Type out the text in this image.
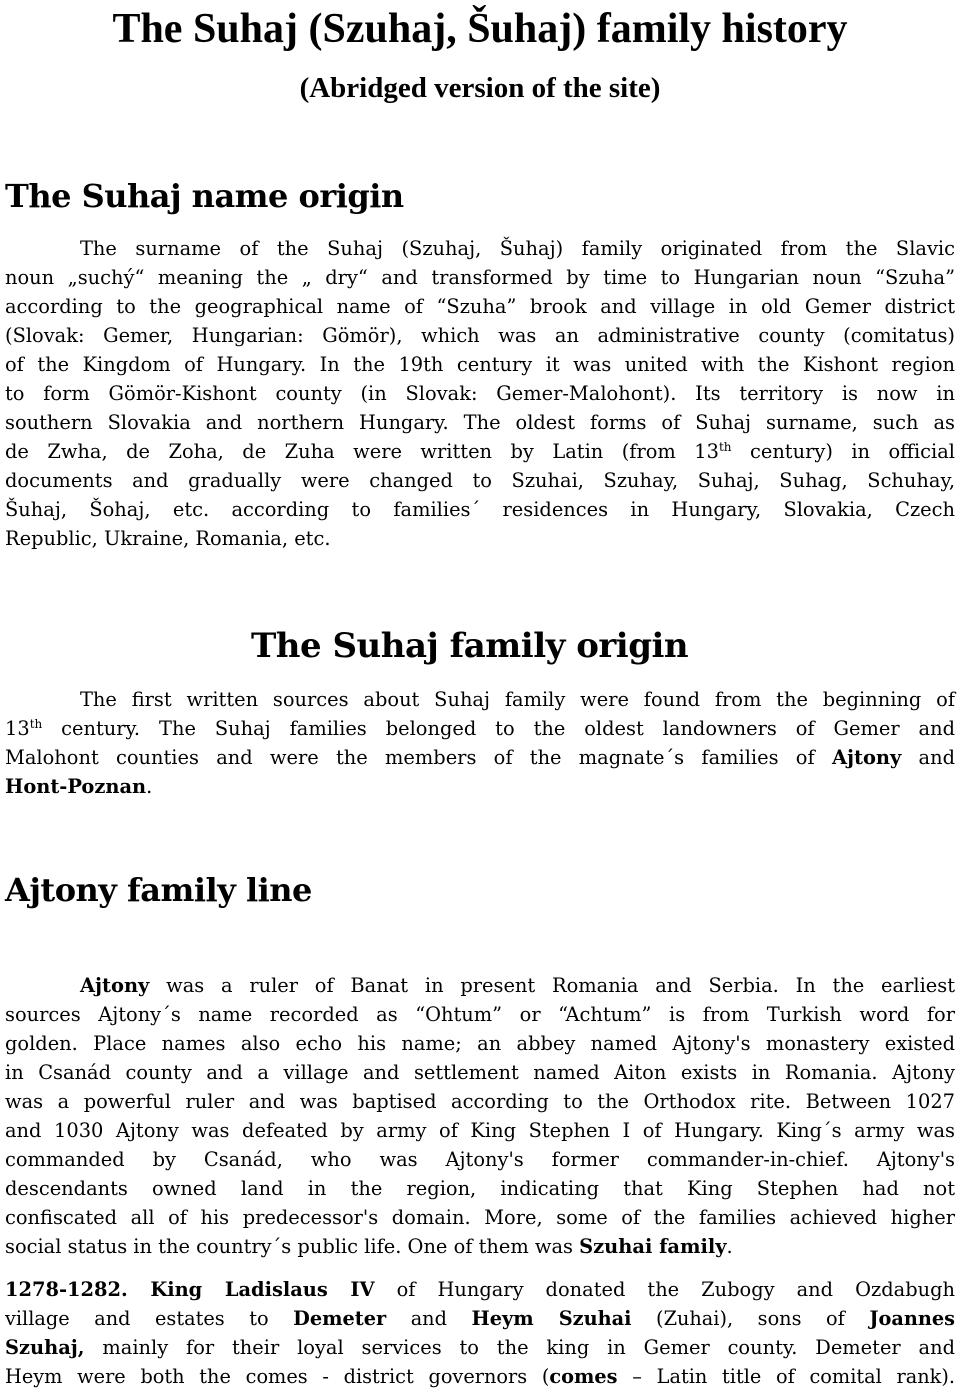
The Suhaj (Szuhaj, Šuhaj) family history
(Abridged version of the site)
The Suhaj name origin
The surname of the Suhaj (Szuhaj, Šuhaj) family originated from the Slavic
noun „suchý“ meaning the „ dry“ and transformed by time to Hungarian noun “Szuha”
according to the geographical name of “Szuha” brook and village in old Gemer district
(Slovak: Gemer, Hungarian: Gömör), which was an administrative county (comitatus)
of the Kingdom of Hungary. In the 19th century it was united with the Kishont region
to form Gömör-Kishont county (in Slovak: Gemer-Malohont). Its territory is now in
southern Slovakia and northern Hungary. The oldest forms of Suhaj surname, such as
de Zwha, de Zoha, de Zuha were written by Latin (from 13th century) in official
documents and gradually were changed to Szuhai, Szuhay, Suhaj, Suhag, Schuhay,
Šuhaj, Šohaj, etc. according to families´ residences in Hungary, Slovakia, Czech
Republic, Ukraine, Romania, etc.
The Suhaj family origin
The first written sources about Suhaj family were found from the beginning of
13th century. The Suhaj families belonged to the oldest landowners of Gemer and
Malohont counties and were the members of the magnate´s families of Ajtony and
Hont-Poznan.
Ajtony family line
Ajtony was a ruler of Banat in present Romania and Serbia. In the earliest
sources Ajtony´s name recorded as “Ohtum” or “Achtum” is from Turkish word for
golden. Place names also echo his name; an abbey named Ajtony's monastery existed
in Csanád county and a village and settlement named Aiton exists in Romania. Ajtony
was a powerful ruler and was baptised according to the Orthodox rite. Between 1027
and 1030 Ajtony was defeated by army of King Stephen I of Hungary. King´s army was
commanded by Csanád, who was Ajtony's former commander-in-chief. Ajtony's
descendants owned land in the region, indicating that King Stephen had not
confiscated all of his predecessor's domain. More, some of the families achieved higher
social status in the country´s public life. One of them was Szuhai family.
1278-1282. King Ladislaus IV of Hungary donated the Zubogy and Ozdabugh
village and estates to Demeter and Heym Szuhai (Zuhai), sons of Joannes
Szuhaj, mainly for their loyal services to the king in Gemer county. Demeter and
Heym were both the comes - district governors (comes – Latin title of comital rank).
